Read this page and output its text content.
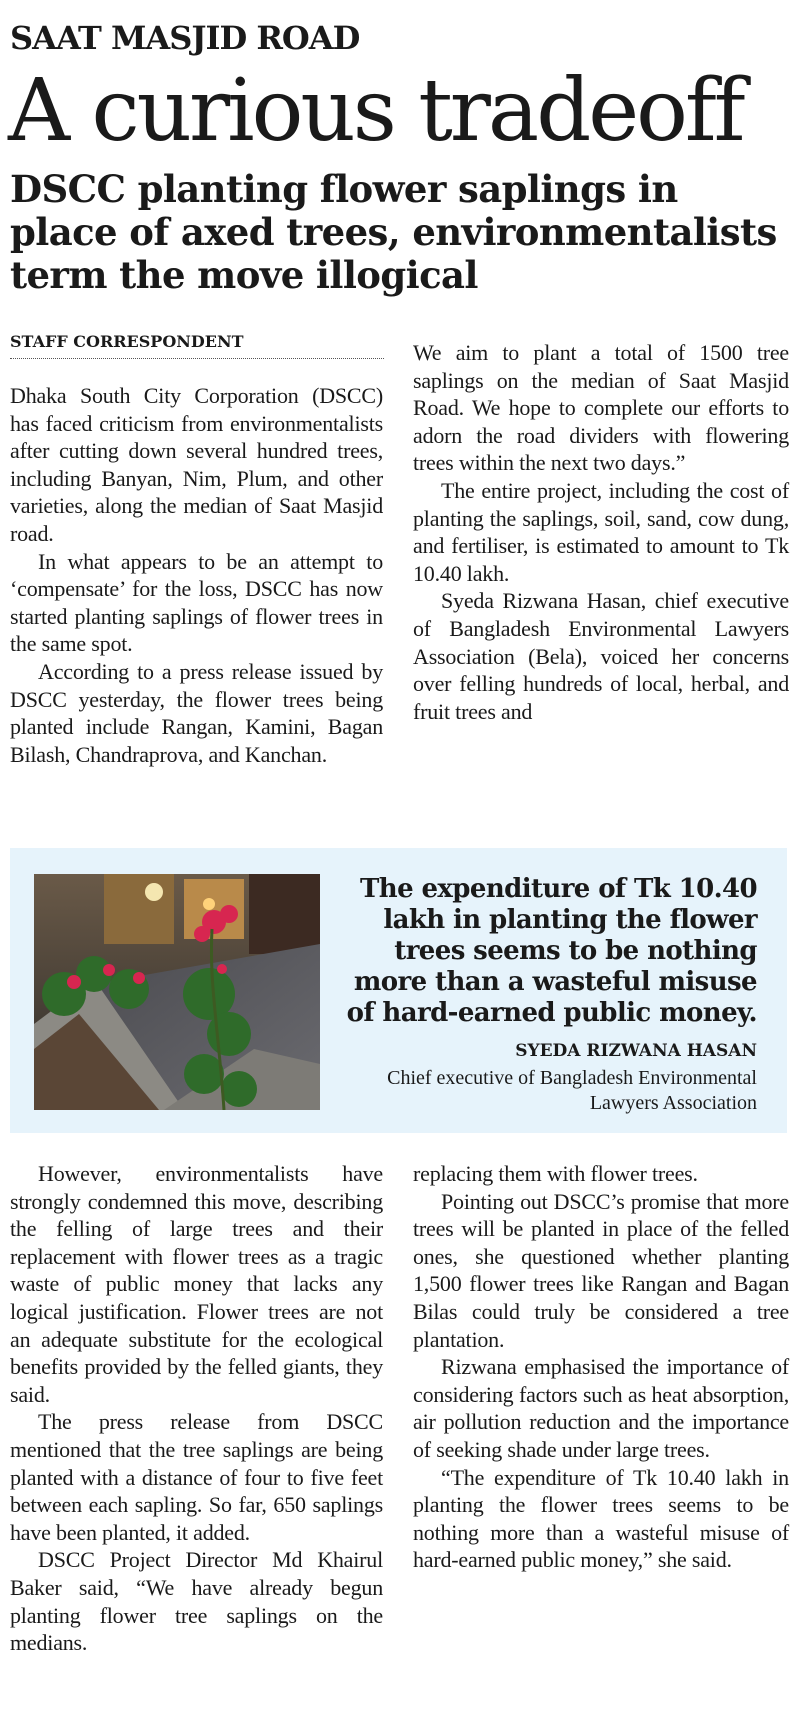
SAAT MASJID ROAD
A curious tradeoff
DSCC planting flower saplings in place of axed trees, environmentalists term the move illogical
STAFF CORRESPONDENT

Dhaka South City Corporation (DSCC) has faced criticism from environmentalists after cutting down several hundred trees, including Banyan, Nim, Plum, and other varieties, along the median of Saat Masjid road.

In what appears to be an attempt to ‘compensate’ for the loss, DSCC has now started planting saplings of flower trees in the same spot.

According to a press release issued by DSCC yesterday, the flower trees being planted include Rangan, Kamini, Bagan Bilash, Chandraprova, and Kanchan.

We aim to plant a total of 1500 tree saplings on the median of Saat Masjid Road. We hope to complete our efforts to adorn the road dividers with flowering trees within the next two days.”

The entire project, including the cost of planting the saplings, soil, sand, cow dung, and fertiliser, is estimated to amount to Tk 10.40 lakh.

Syeda Rizwana Hasan, chief executive of Bangladesh Environmental Lawyers Association (Bela), voiced her concerns over felling hundreds of local, herbal, and fruit trees and

The expenditure of Tk 10.40 lakh in planting the flower trees seems to be nothing more than a wasteful misuse of hard-earned public money.
SYEDA RIZWANA HASAN
Chief executive of Bangladesh Environmental Lawyers Association

However, environmentalists have strongly condemned this move, describing the felling of large trees and their replacement with flower trees as a tragic waste of public money that lacks any logical justification. Flower trees are not an adequate substitute for the ecological benefits provided by the felled giants, they said.

The press release from DSCC mentioned that the tree saplings are being planted with a distance of four to five feet between each sapling. So far, 650 saplings have been planted, it added.

DSCC Project Director Md Khairul Baker said, “We have already begun planting flower tree saplings on the medians.

replacing them with flower trees.

Pointing out DSCC’s promise that more trees will be planted in place of the felled ones, she questioned whether planting 1,500 flower trees like Rangan and Bagan Bilas could truly be considered a tree plantation.

Rizwana emphasised the importance of considering factors such as heat absorption, air pollution reduction and the importance of seeking shade under large trees.

“The expenditure of Tk 10.40 lakh in planting the flower trees seems to be nothing more than a wasteful misuse of hard-earned public money,” she said.
